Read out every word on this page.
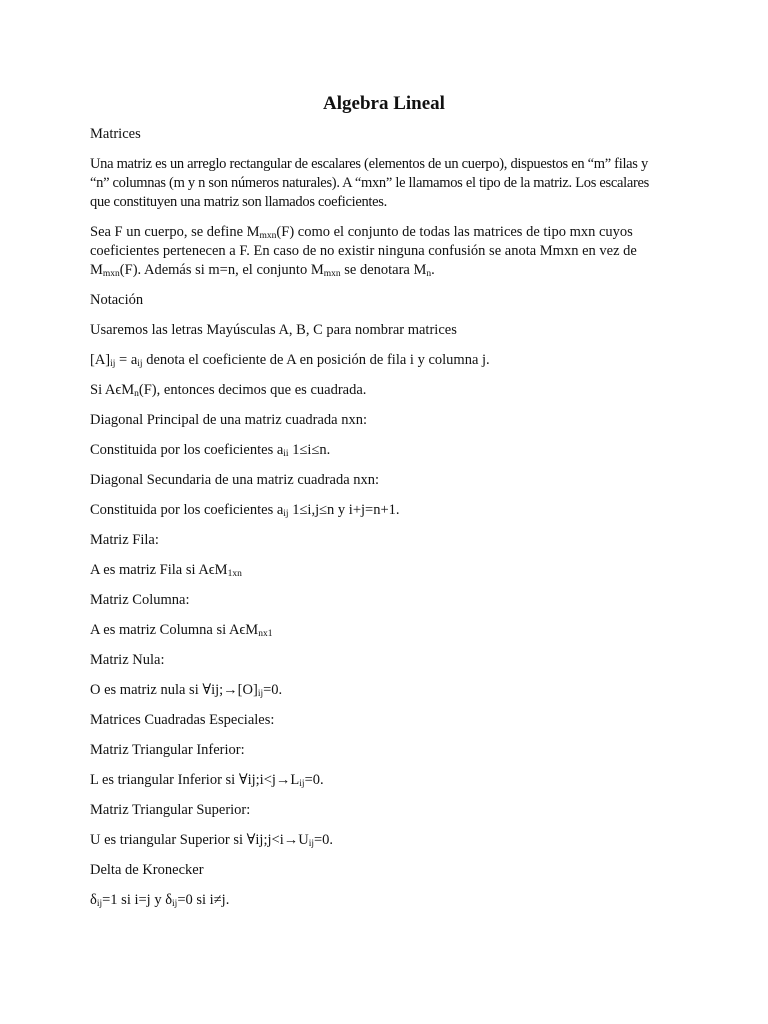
Algebra Lineal

Matrices

Una matriz es un arreglo rectangular de escalares (elementos de un cuerpo), dispuestos en “m” filas y “n” columnas (m y n son números naturales). A “mxn” le llamamos el tipo de la matriz. Los escalares que constituyen una matriz son llamados coeficientes.

Sea F un cuerpo, se define $M_{mxn}(F)$ como el conjunto de todas las matrices de tipo mxn cuyos coeficientes pertenecen a F. En caso de no existir ninguna confusión se anota Mmxn en vez de $M_{mxn}(F)$. Además si m=n, el conjunto $M_{mxn}$ se denotara $M_n$.

Notación

Usaremos las letras Mayúsculas A, B, C para nombrar matrices

$[A]_{ij} = a_{ij}$ denota el coeficiente de A en posición de fila i y columna j.

Si AϵM$_n$(F), entonces decimos que es cuadrada.

Diagonal Principal de una matriz cuadrada nxn:

Constituida por los coeficientes $a_{ii}$ 1≤i≤n.

Diagonal Secundaria de una matriz cuadrada nxn:

Constituida por los coeficientes $a_{ij}$ 1≤i,j≤n y i+j=n+1.

Matriz Fila:

A es matriz Fila si AϵM$_{1xn}$

Matriz Columna:

A es matriz Columna si AϵM$_{nx1}$

Matriz Nula:

O es matriz nula si $\forall ij;\to[O]_{ij}=0$.

Matrices Cuadradas Especiales:

Matriz Triangular Inferior:

L es triangular Inferior si $\forall ij;i<j\to L_{ij}=0$.

Matriz Triangular Superior:

U es triangular Superior si $\forall ij;j<i\to U_{ij}=0$.

Delta de Kronecker

$\delta_{ij}=1$ si i=j y $\delta_{ij}=0$ si i≠j.
